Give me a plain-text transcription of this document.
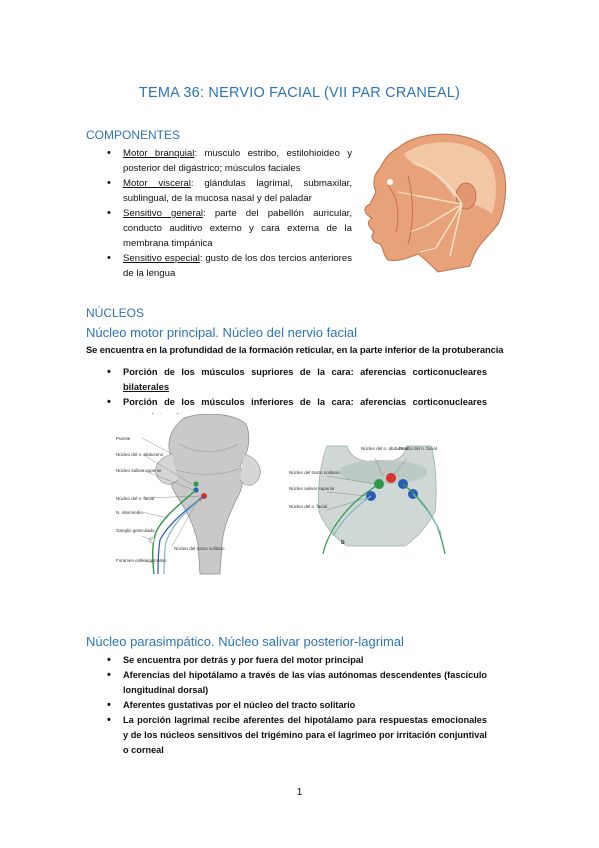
TEMA 36: NERVIO FACIAL (VII PAR CRANEAL)
COMPONENTES
• Motor branquial: musculo estribo, estilohioideo y posterior del digástrico; músculos faciales
• Motor visceral: glándulas lagrimal, submaxilar, sublingual, de la mucosa nasal y del paladar
• Sensitivo general: parte del pabellón auricular, conducto auditivo externo y cara externa de la membrana timpánica
• Sensitivo especial: gusto de los dos tercios anteriores de la lengua
NÚCLEOS
Núcleo motor principal. Núcleo del nervio facial
Se encuentra en la profundidad de la formación reticular, en la parte inferior de la protuberancia
• Porción de los músculos supriores de la cara: aferencias corticonucleares bilaterales
• Porción de los músculos inferiores de la cara: aferencias corticonucleares
Puente
Núcleo del n. abducens
Núcleo salivar superior
Núcleo del n. facial
N. intermedio
Ganglio geniculado
Núcleo del tracto solitario
Foramen estilomastoideo
Núcleo del n. abducens
Rodilla del n. facial
Núcleo del tracto solitario
Núcleo salivar superior
Núcleo del n. facial
b
Núcleo parasimpático. Núcleo salivar posterior-lagrimal
• Se encuentra por detrás y por fuera del motor principal
• Aferencias del hipotálamo a través de las vías autónomas descendentes (fascículo longitudinal dorsal)
• Aferentes gustativas por el núcleo del tracto solitario
• La porción lagrimal recibe aferentes del hipotálamo para respuestas emocionales y de los núcleos sensitivos del trigémino para el lagrimeo por irritación conjuntival o corneal
1
